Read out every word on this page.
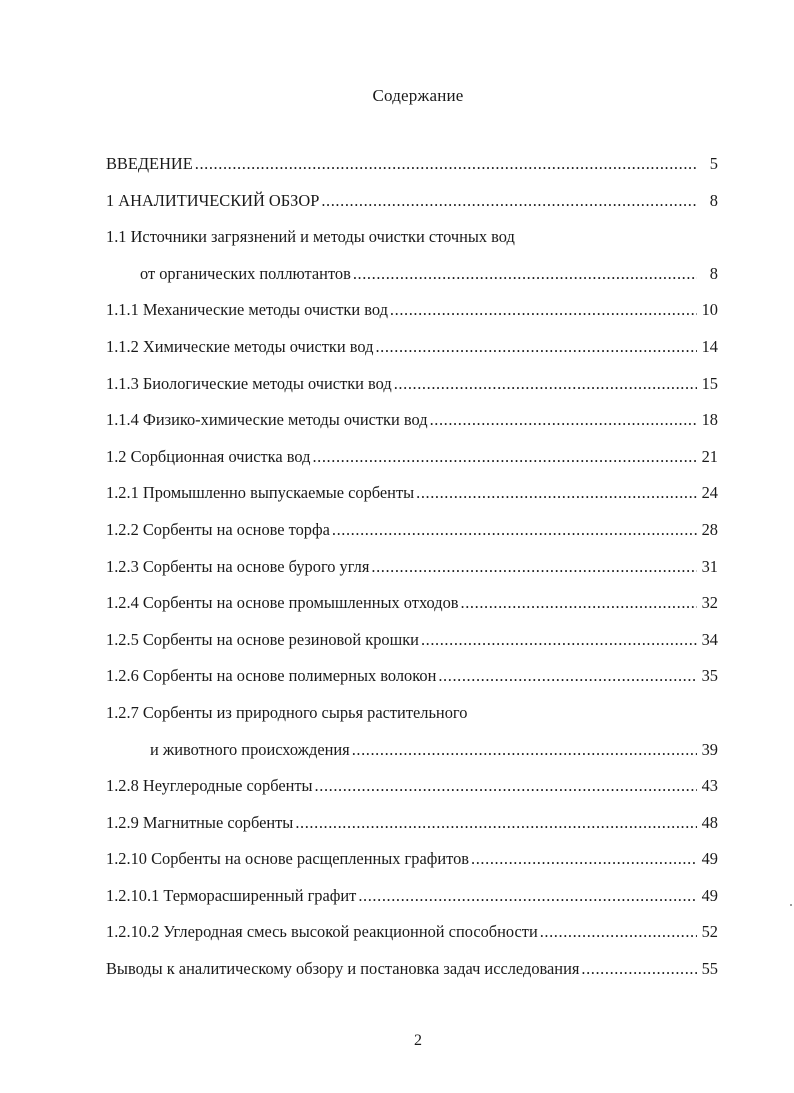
Содержание
ВВЕДЕНИЕ .....	5
1 АНАЛИТИЧЕСКИЙ ОБЗОР .....	8
1.1 Источники загрязнений и методы очистки сточных вод
от органических поллютантов .....	8
1.1.1 Механические методы очистки вод .....	10
1.1.2 Химические методы очистки вод .....	14
1.1.3 Биологические методы очистки вод .....	15
1.1.4 Физико-химические методы очистки вод .....	18
1.2 Сорбционная очистка вод .....	21
1.2.1 Промышленно выпускаемые сорбенты .....	24
1.2.2 Сорбенты на основе торфа .....	28
1.2.3 Сорбенты на основе бурого угля .....	31
1.2.4 Сорбенты на основе промышленных отходов .....	32
1.2.5 Сорбенты на основе резиновой крошки .....	34
1.2.6 Сорбенты на основе полимерных волокон .....	35
1.2.7 Сорбенты из природного сырья растительного
и животного происхождения .....	39
1.2.8 Неуглеродные сорбенты .....	43
1.2.9 Магнитные сорбенты .....	48
1.2.10 Сорбенты на основе расщепленных графитов .....	49
1.2.10.1 Терморасширенный графит .....	49
1.2.10.2 Углеродная смесь высокой реакционной способности .....	52
Выводы к аналитическому обзору и постановка задач исследования .....	55
2
